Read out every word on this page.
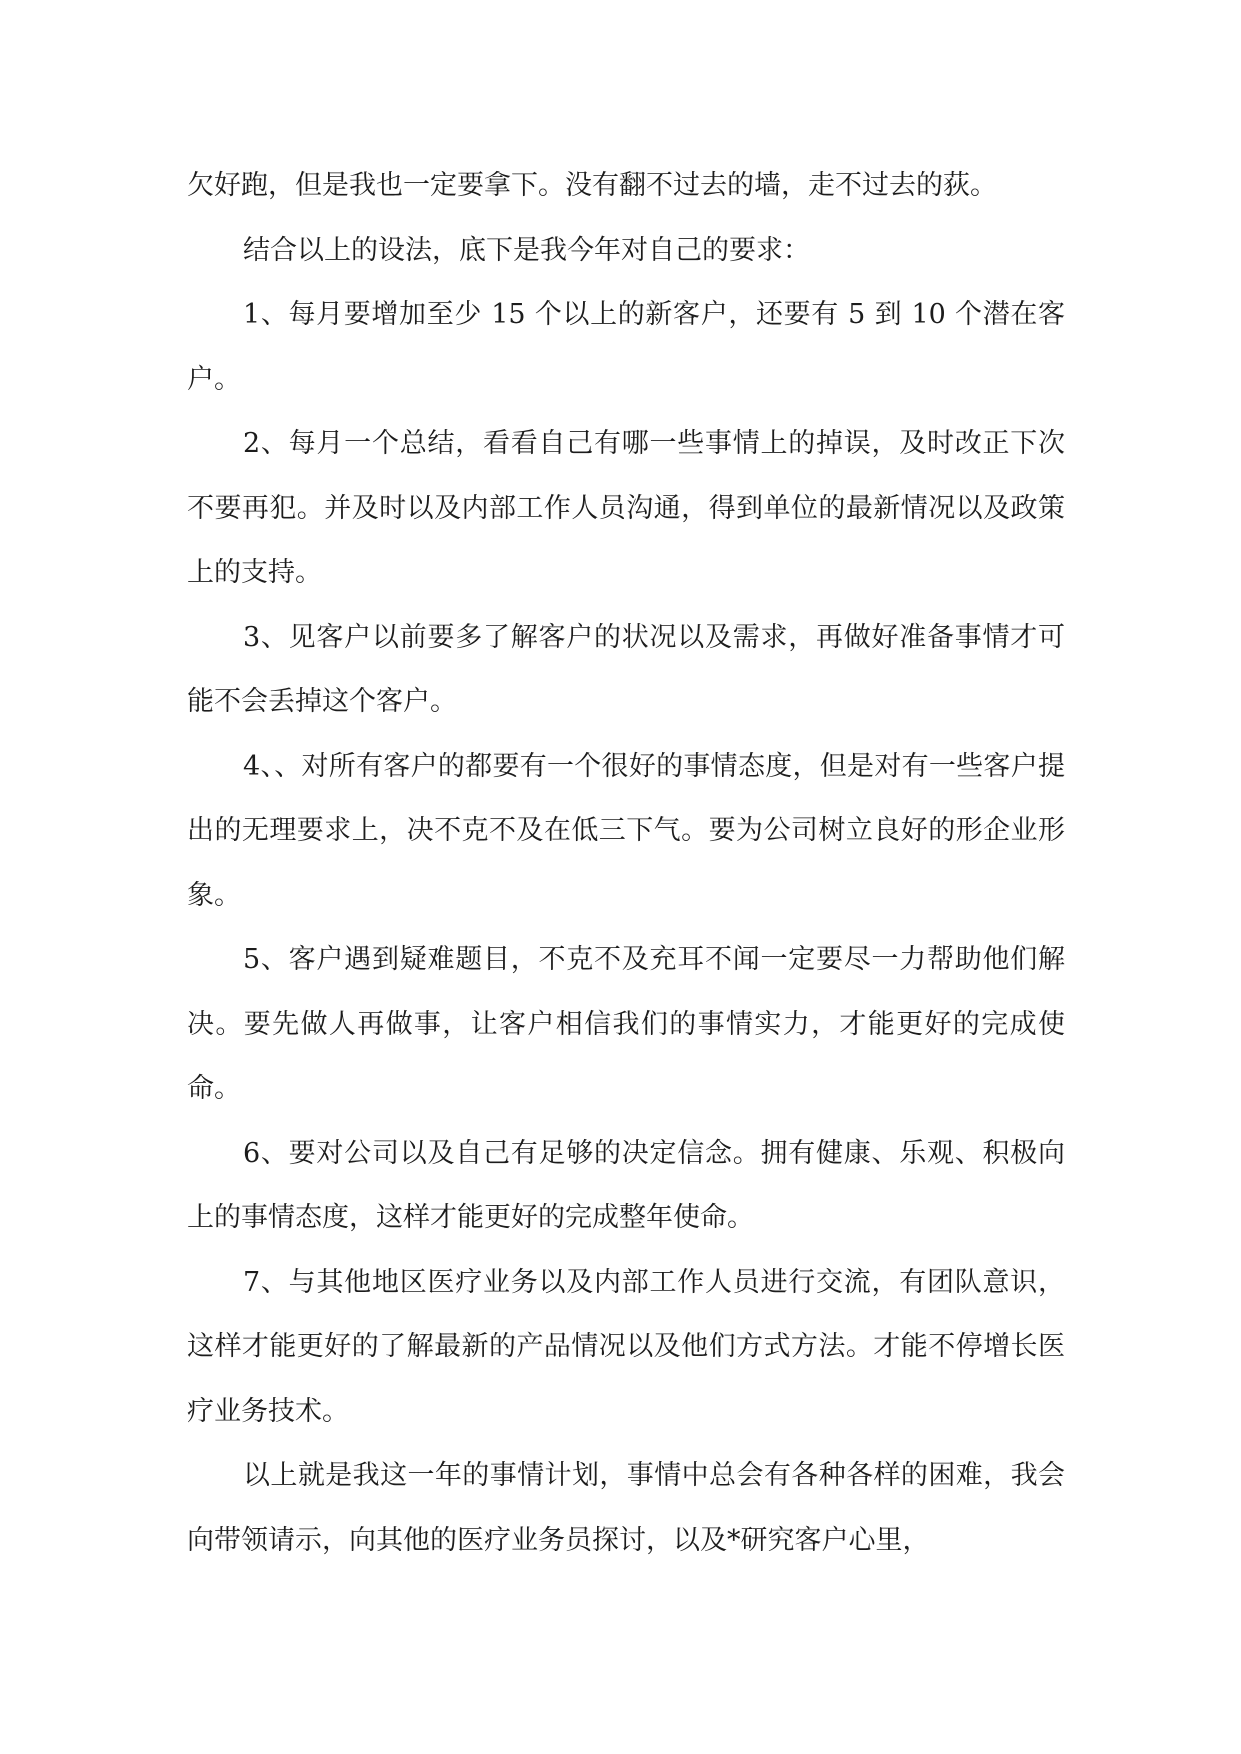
欠好跑，但是我也一定要拿下。没有翻不过去的墙，走不过去的荻。

结合以上的设法，底下是我今年对自己的要求：

1、每月要增加至少 15 个以上的新客户，还要有 5 到 10 个潜在客户。

2、每月一个总结，看看自己有哪一些事情上的掉误，及时改正下次不要再犯。并及时以及内部工作人员沟通，得到单位的最新情况以及政策上的支持。

3、见客户以前要多了解客户的状况以及需求，再做好准备事情才可能不会丢掉这个客户。

4、、对所有客户的都要有一个很好的事情态度，但是对有一些客户提出的无理要求上，决不克不及在低三下气。要为公司树立良好的形企业形象。

5、客户遇到疑难题目，不克不及充耳不闻一定要尽一力帮助他们解决。要先做人再做事，让客户相信我们的事情实力，才能更好的完成使命。

6、要对公司以及自己有足够的决定信念。拥有健康、乐观、积极向上的事情态度，这样才能更好的完成整年使命。

7、与其他地区医疗业务以及内部工作人员进行交流，有团队意识，这样才能更好的了解最新的产品情况以及他们方式方法。才能不停增长医疗业务技术。

以上就是我这一年的事情计划，事情中总会有各种各样的困难，我会向带领请示，向其他的医疗业务员探讨，以及*研究客户心里，
